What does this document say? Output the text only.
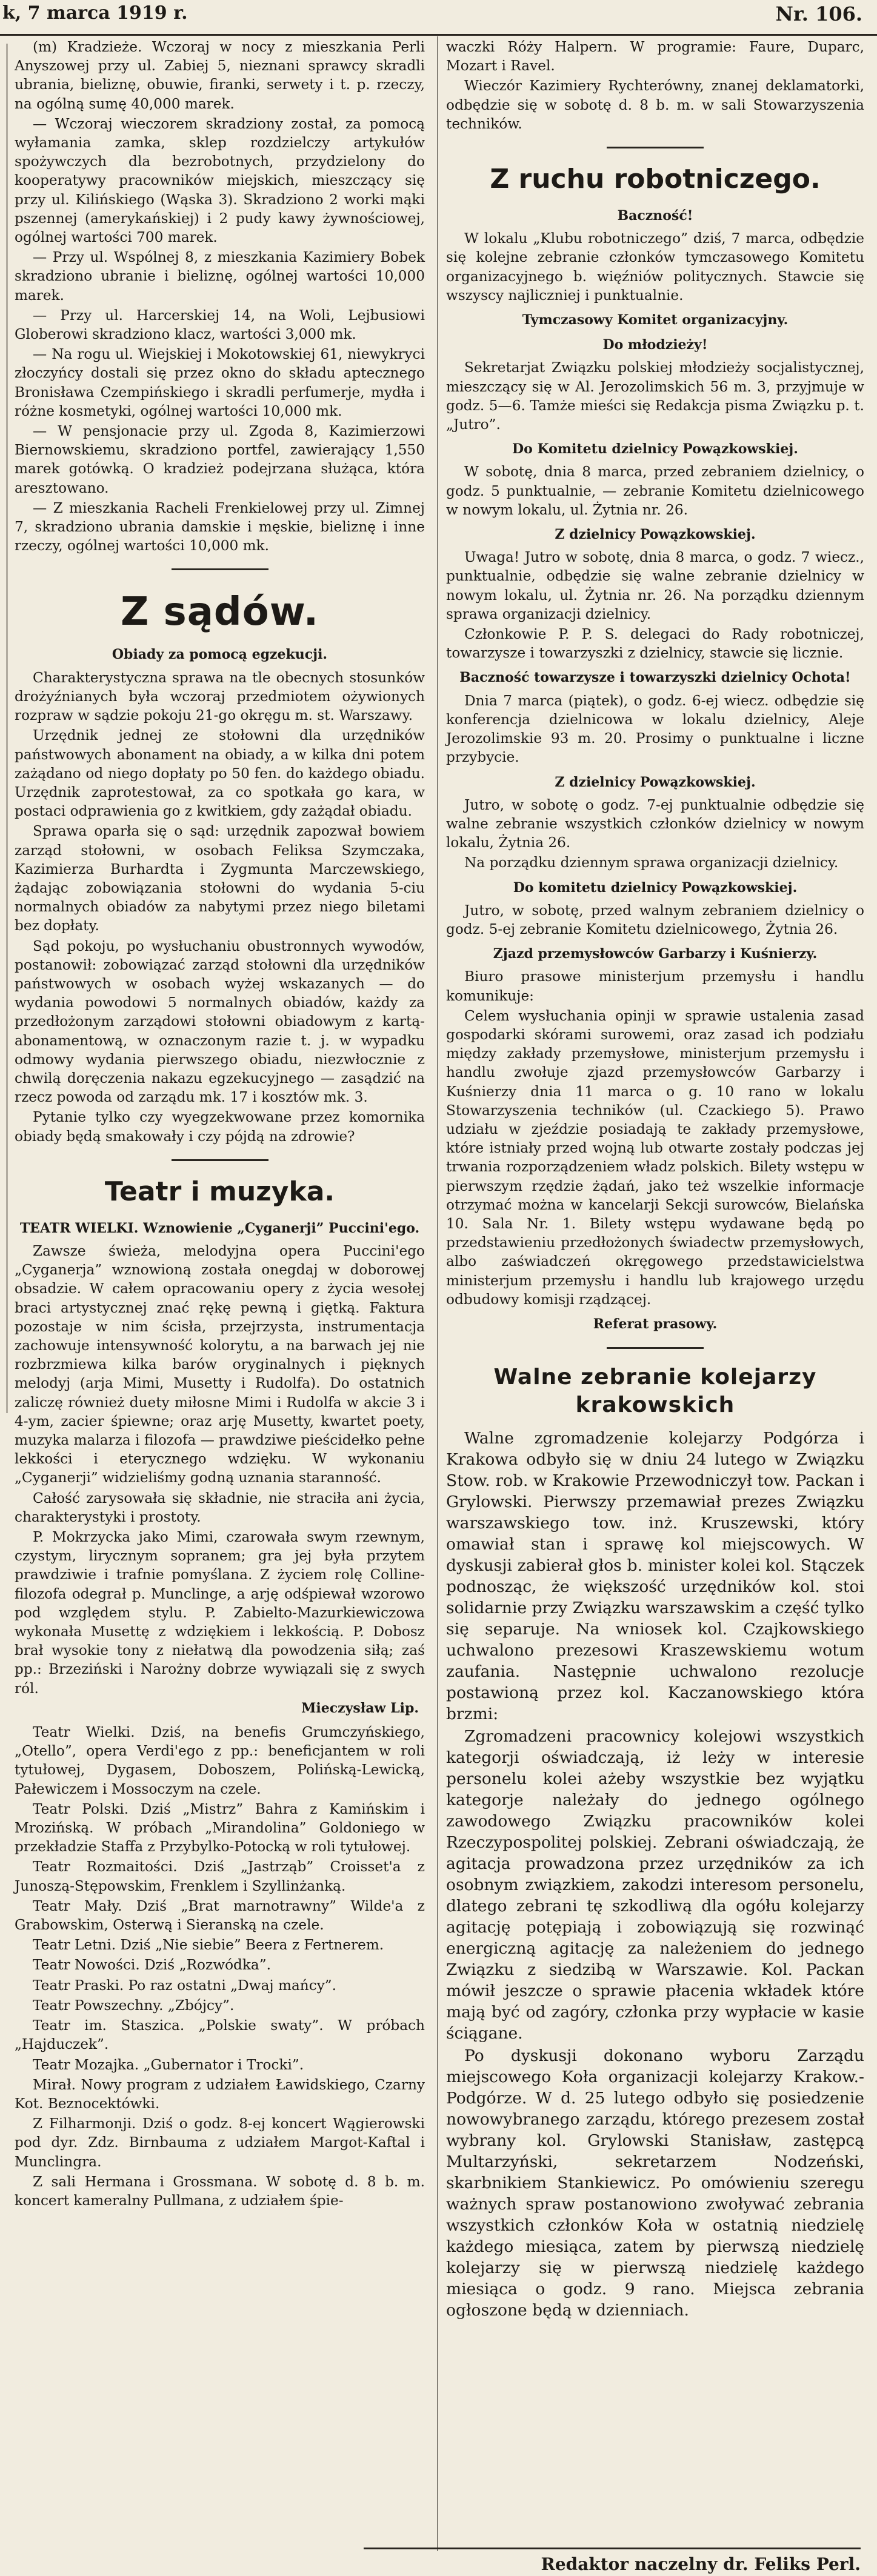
k, 7 marca 1919 r.	Nr. 106.

(m) Kradzieże. Wczoraj w nocy z mieszkania Perli Anyszowej przy ul. Zabiej 5, nieznani sprawcy skradli ubrania, bieliznę, obuwie, firanki, serwety i t. p. rzeczy, na ogólną sumę 40,000 marek.

— Wczoraj wieczorem skradziony został, za pomocą wyłamania zamka, sklep rozdzielczy artykułów spożywczych dla bezrobotnych, przydzielony do kooperatywy pracowników miejskich, mieszczący się przy ul. Kilińskiego (Wąska 3). Skradziono 2 worki mąki pszennej (amerykańskiej) i 2 pudy kawy żywnościowej, ogólnej wartości 700 marek.

— Przy ul. Wspólnej 8, z mieszkania Kazimiery Bobek skradziono ubranie i bieliznę, ogólnej wartości 10,000 marek.

— Przy ul. Harcerskiej 14, na Woli, Lejbusiowi Globerowi skradziono klacz, wartości 3,000 mk.

— Na rogu ul. Wiejskiej i Mokotowskiej 61, niewykryci złoczyńcy dostali się przez okno do składu aptecznego Bronisława Czempińskiego i skradli perfumerje, mydła i różne kosmetyki, ogólnej wartości 10,000 mk.

— W pensjonacie przy ul. Zgoda 8, Kazimierzowi Biernowskiemu, skradziono portfel, zawierający 1,550 marek gotówką. O kradzież podejrzana służąca, która aresztowano.

— Z mieszkania Racheli Frenkielowej przy ul. Zimnej 7, skradziono ubrania damskie i męskie, bieliznę i inne rzeczy, ogólnej wartości 10,000 mk.

Z sądów.
Obiady za pomocą egzekucji.

Charakterystyczna sprawa na tle obecnych stosunków drożyźnianych była wczoraj przedmiotem ożywionych rozpraw w sądzie pokoju 21-go okręgu m. st. Warszawy.

Urzędnik jednej ze stołowni dla urzędników państwowych abonament na obiady, a w kilka dni potem zażądano od niego dopłaty po 50 fen. do każdego obiadu. Urzędnik zaprotestował, za co spotkała go kara, w postaci odprawienia go z kwitkiem, gdy zażądał obiadu.

Sprawa oparła się o sąd: urzędnik zapozwał bowiem zarząd stołowni, w osobach Feliksa Szymczaka, Kazimierza Burhardta i Zygmunta Marczewskiego, żądając zobowiązania stołowni do wydania 5-ciu normalnych obiadów za nabytymi przez niego biletami bez dopłaty.

Sąd pokoju, po wysłuchaniu obustronnych wywodów, postanowił: zobowiązać zarząd stołowni dla urzędników państwowych w osobach wyżej wskazanych — do wydania powodowi 5 normalnych obiadów, każdy za przedłożonym zarządowi stołowni obiadowym z kartą-abonamentową, w oznaczonym razie t. j. w wypadku odmowy wydania pierwszego obiadu, niezwłocznie z chwilą doręczenia nakazu egzekucyjnego — zasądzić na rzecz powoda od zarządu mk. 17 i kosztów mk. 3.

Pytanie tylko czy wyegzekwowane przez komornika obiady będą smakowały i czy pójdą na zdrowie?

Teatr i muzyka.
TEATR WIELKI. Wznowienie „Cyganerji” Puccini'ego.

Zawsze świeża, melodyjna opera Puccini'ego „Cyganerja” wznowioną została onegdaj w doborowej obsadzie. W całem opracowaniu opery z życia wesołej braci artystycznej znać rękę pewną i giętką. Faktura pozostaje w nim ścisła, przejrzysta, instrumentacja zachowuje intensywność kolorytu, a na barwach jej nie rozbrzmiewa kilka barów oryginalnych i pięknych melodyj (arja Mimi, Musetty i Rudolfa). Do ostatnich zaliczę również duety miłosne Mimi i Rudolfa w akcie 3 i 4-ym, zacier śpiewne; oraz arję Musetty, kwartet poety, muzyka malarza i filozofa — prawdziwe pieścidełko pełne lekkości i eterycznego wdzięku. W wykonaniu „Cyganerji” widzieliśmy godną uznania staranność.

Całość zarysowała się składnie, nie straciła ani życia, charakterystyki i prostoty.

P. Mokrzycka jako Mimi, czarowała swym rzewnym, czystym, lirycznym sopranem; gra jej była przytem prawdziwie i trafnie pomyślana. Z życiem rolę Colline-filozofa odegrał p. Munclinge, a arję odśpiewał wzorowo pod względem stylu. P. Zabielto-Mazurkiewiczowa wykonała Musettę z wdziękiem i lekkością. P. Dobosz brał wysokie tony z niełatwą dla powodzenia siłą; zaś pp.: Brzeziński i Narożny dobrze wywiązali się z swych ról.

Mieczysław Lip.

Teatr Wielki. Dziś, na benefis Grumczyńskiego, „Otello”, opera Verdi'ego z pp.: beneficjantem w roli tytułowej, Dygasem, Doboszem, Polińską-Lewicką, Pałewiczem i Mossoczym na czele.

Teatr Polski. Dziś „Mistrz” Bahra z Kamińskim i Mrozińską. W próbach „Mirandolina” Goldoniego w przekładzie Staffa z Przybylko-Potocką w roli tytułowej.

Teatr Rozmaitości. Dziś „Jastrząb” Croisset'a z Junoszą-Stępowskim, Frenklem i Szyllinżanką.

Teatr Mały. Dziś „Brat marnotrawny” Wilde'a z Grabowskim, Osterwą i Sieranską na czele.

Teatr Letni. Dziś „Nie siebie” Beera z Fertnerem.

Teatr Nowości. Dziś „Rozwódka”.

Teatr Praski. Po raz ostatni „Dwaj mańcy”.

Teatr Powszechny. „Zbójcy”.

Teatr im. Staszica. „Polskie swaty”. W próbach „Hajduczek”.

Teatr Mozajka. „Gubernator i Trocki”.

Mirał. Nowy program z udziałem Ławidskiego, Czarny Kot. Beznocektówki.

Z Filharmonji. Dziś o godz. 8-ej koncert Wągierowski pod dyr. Zdz. Birnbauma z udziałem Margot-Kaftal i Munclingra.

Z sali Hermana i Grossmana. W sobotę d. 8 b. m. koncert kameralny Pullmana, z udziałem śpie-

waczki Róży Halpern. W programie: Faure, Duparc, Mozart i Ravel.

Wieczór Kazimiery Rychterówny, znanej deklamatorki, odbędzie się w sobotę d. 8 b. m. w sali Stowarzyszenia techników.

Z ruchu robotniczego.
Baczność!

W lokalu „Klubu robotniczego” dziś, 7 marca, odbędzie się kolejne zebranie członków tymczasowego Komitetu organizacyjnego b. więźniów politycznych. Stawcie się wszyscy najliczniej i punktualnie.

Tymczasowy Komitet organizacyjny.
Do młodzieży!

Sekretarjat Związku polskiej młodzieży socjalistycznej, mieszczący się w Al. Jerozolimskich 56 m. 3, przyjmuje w godz. 5—6. Tamże mieści się Redakcja pisma Związku p. t. „Jutro”.

Do Komitetu dzielnicy Powązkowskiej.

W sobotę, dnia 8 marca, przed zebraniem dzielnicy, o godz. 5 punktualnie, — zebranie Komitetu dzielnicowego w nowym lokalu, ul. Żytnia nr. 26.

Z dzielnicy Powązkowskiej.

Uwaga! Jutro w sobotę, dnia 8 marca, o godz. 7 wiecz., punktualnie, odbędzie się walne zebranie dzielnicy w nowym lokalu, ul. Żytnia nr. 26. Na porządku dziennym sprawa organizacji dzielnicy.

Członkowie P. P. S. delegaci do Rady robotniczej, towarzysze i towarzyszki z dzielnicy, stawcie się licznie.

Baczność towarzysze i towarzyszki dzielnicy Ochota!

Dnia 7 marca (piątek), o godz. 6-ej wiecz. odbędzie się konferencja dzielnicowa w lokalu dzielnicy, Aleje Jerozolimskie 93 m. 20. Prosimy o punktualne i liczne przybycie.

Z dzielnicy Powązkowskiej.

Jutro, w sobotę o godz. 7-ej punktualnie odbędzie się walne zebranie wszystkich członków dzielnicy w nowym lokalu, Żytnia 26.

Na porządku dziennym sprawa organizacji dzielnicy.

Do komitetu dzielnicy Powązkowskiej.

Jutro, w sobotę, przed walnym zebraniem dzielnicy o godz. 5-ej zebranie Komitetu dzielnicowego, Żytnia 26.

Zjazd przemysłowców Garbarzy i Kuśnierzy.

Biuro prasowe ministerjum przemysłu i handlu komunikuje:

Celem wysłuchania opinji w sprawie ustalenia zasad gospodarki skórami surowemi, oraz zasad ich podziału między zakłady przemysłowe, ministerjum przemysłu i handlu zwołuje zjazd przemysłowców Garbarzy i Kuśnierzy dnia 11 marca o g. 10 rano w lokalu Stowarzyszenia techników (ul. Czackiego 5). Prawo udziału w zjeździe posiadają te zakłady przemysłowe, które istniały przed wojną lub otwarte zostały podczas jej trwania rozporządzeniem władz polskich. Bilety wstępu w pierwszym rzędzie żądań, jako też wszelkie informacje otrzymać można w kancelarji Sekcji surowców, Bielańska 10. Sala Nr. 1. Bilety wstępu wydawane będą po przedstawieniu przedłożonych świadectw przemysłowych, albo zaświadczeń okręgowego przedstawicielstwa ministerjum przemysłu i handlu lub krajowego urzędu odbudowy komisji rządzącej.

Referat prasowy.
Walne zebranie kolejarzy krakowskich

Walne zgromadzenie kolejarzy Podgórza i Krakowa odbyło się w dniu 24 lutego w Związku Stow. rob. w Krakowie Przewodniczył tow. Packan i Grylowski. Pierwszy przemawiał prezes Związku warszawskiego tow. inż. Kruszewski, który omawiał stan i sprawę kol miejscowych. W dyskusji zabierał głos b. minister kolei kol. Stączek podnosząc, że większość urzędników kol. stoi solidarnie przy Związku warszawskim a część tylko się separuje. Na wniosek kol. Czajkowskiego uchwalono prezesowi Kraszewskiemu wotum zaufania. Następnie uchwalono rezolucje postawioną przez kol. Kaczanowskiego która brzmi:

Zgromadzeni pracownicy kolejowi wszystkich kategorji oświadczają, iż leży w interesie personelu kolei ażeby wszystkie bez wyjątku kategorje należały do jednego ogólnego zawodowego Związku pracowników kolei Rzeczypospolitej polskiej. Zebrani oświadczają, że agitacja prowadzona przez urzędników za ich osobnym związkiem, zakodzi interesom personelu, dlatego zebrani tę szkodliwą dla ogółu kolejarzy agitację potępiają i zobowiązują się rozwinąć energiczną agitację za należeniem do jednego Związku z siedzibą w Warszawie. Kol. Packan mówił jeszcze o sprawie płacenia wkładek które mają być od zagóry, członka przy wypłacie w kasie ściągane.

Po dyskusji dokonano wyboru Zarządu miejscowego Koła organizacji kolejarzy Krakow.-Podgórze. W d. 25 lutego odbyło się posiedzenie nowowybranego zarządu, którego prezesem został wybrany kol. Grylowski Stanisław, zastępcą Multarzyński, sekretarzem Nodzeński, skarbnikiem Stankiewicz. Po omówieniu szeregu ważnych spraw postanowiono zwoływać zebrania wszystkich członków Koła w ostatnią niedzielę każdego miesiąca, zatem by pierwszą niedzielę kolejarzy się w pierwszą niedzielę każdego miesiąca o godz. 9 rano. Miejsca zebrania ogłoszone będą w dzienniach.

Redaktor naczelny dr. Feliks Perl.
